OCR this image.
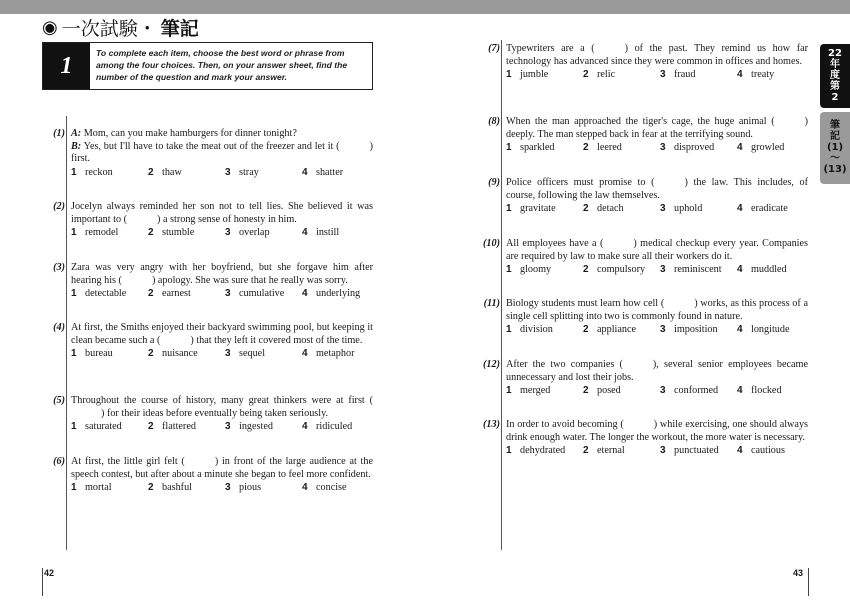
◉ 一次試験・ 筆記
1	To complete each item, choose the best word or phrase from among the four choices. Then, on your answer sheet, find the number of the question and mark your answer.
22
年
度
第
2
筆
記
(1)
〜
(13)
(1) A: Mom, can you make hamburgers for dinner tonight?
B: Yes, but I'll have to take the meat out of the freezer and let it (	) first.
1 reckon	2 thaw	3 stray	4 shatter
(2) Jocelyn always reminded her son not to tell lies. She believed it was important to (	) a strong sense of honesty in him.
1 remodel	2 stumble	3 overlap	4 instill
(3) Zara was very angry with her boyfriend, but she forgave him after hearing his (	) apology. She was sure that he really was sorry.
1 detectable 2 earnest	3 cumulative 4 underlying
(4) At first, the Smiths enjoyed their backyard swimming pool, but keeping it clean became such a (	) that they left it covered most of the time.
1 bureau	2 nuisance	3 sequel	4 metaphor
(5) Throughout the course of history, many great thinkers were at first () for their ideas before eventually being taken seriously.
1 saturated	2 flattered	3 ingested	4 ridiculed
(6) At first, the little girl felt (	) in front of the large audience at the speech contest, but after about a minute she began to feel more confident.
1 mortal	2 bashful	3 pious	4 concise
(7) Typewriters are a (	) of the past. They remind us how far technology has advanced since they were common in offices and homes.
1 jumble	2 relic	3 fraud	4 treaty
(8) When the man approached the tiger's cage, the huge animal (	) deeply. The man stepped back in fear at the terrifying sound.
1 sparkled	2 leered	3 disproved 4 growled
(9) Police officers must promise to (	) the law. This includes, of course, following the law themselves.
1 gravitate	2 detach	3 uphold	4 eradicate
(10) All employees have a (	) medical checkup every year. Companies are required by law to make sure all their workers do it.
1 gloomy	2 compulsory 3 reminiscent 4 muddled
(11) Biology students must learn how cell (	) works, as this process of a single cell splitting into two is commonly found in nature.
1 division	2 appliance 3 imposition 4 longitude
(12) After the two companies (	), several senior employees became unnecessary and lost their jobs.
1 merged	2 posed	3 conformed 4 flocked
(13) In order to avoid becoming (	) while exercising, one should always drink enough water. The longer the workout, the more water is necessary.
1 dehydrated 2 eternal	3 punctuated 4 cautious
42	43
